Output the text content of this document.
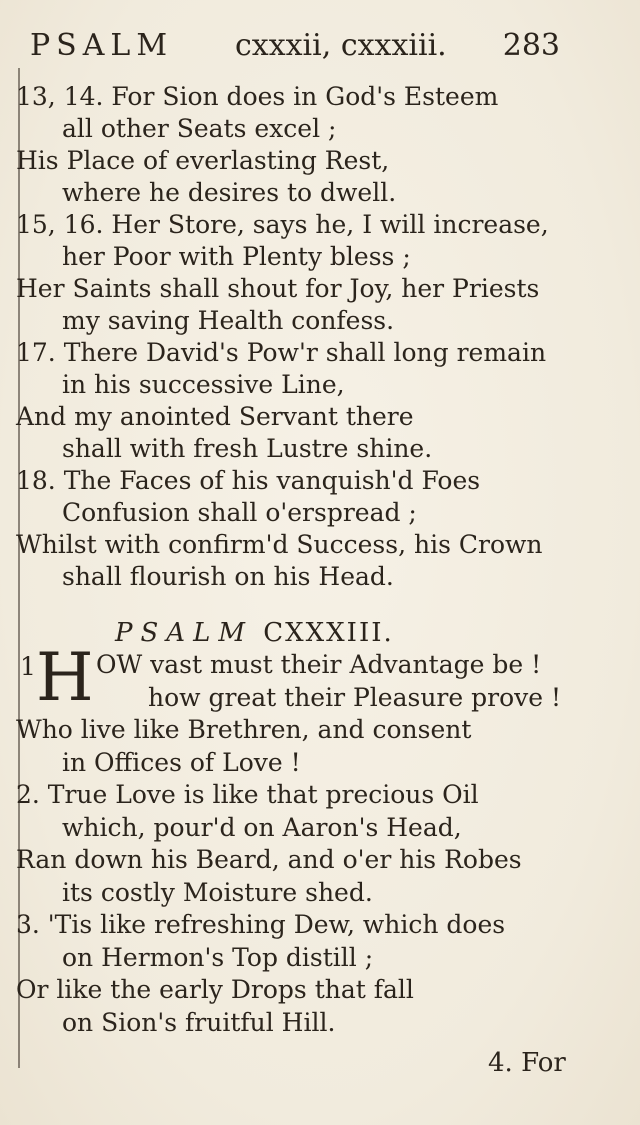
PSALM cxxxii, cxxxiii. 283
13, 14. For Sion does in God's Esteem
all other Seats excel ;
His Place of everlasting Rest,
where he desires to dwell.
15, 16. Her Store, says he, I will increase,
her Poor with Plenty bless ;
Her Saints shall shout for Joy, her Priests
my saving Health confess.
17. There David's Pow'r shall long remain
in his successive Line,
And my anointed Servant there
shall with fresh Lustre shine.
18. The Faces of his vanquish'd Foes
Confusion shall o'erspread ;
Whilst with confirm'd Success, his Crown
shall flourish on his Head.
PSALM CXXXIII.
1 H OW vast must their Advantage be !
how great their Pleasure prove !
Who live like Brethren, and consent
in Offices of Love !
2. True Love is like that precious Oil
which, pour'd on Aaron's Head,
Ran down his Beard, and o'er his Robes
its costly Moisture shed.
3. 'Tis like refreshing Dew, which does
on Hermon's Top distill ;
Or like the early Drops that fall
on Sion's fruitful Hill.
4. For
